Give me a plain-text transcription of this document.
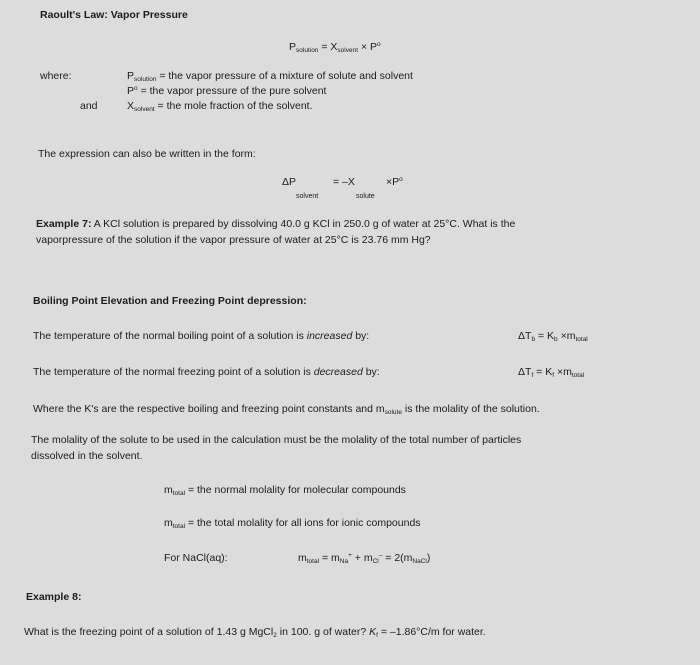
Raoult's Law: Vapor Pressure
$P_{solution} = X_{solvent} \times P^o$
where:	$P_{solution}$ = the vapor pressure of a mixture of solute and solvent
$P^o$ = the vapor pressure of the pure solvent
and	$X_{solvent}$ = the mole fraction of the solvent.
The expression can also be written in the form:
ΔP	= –X	$\times P^o$
solvent	solute
Example 7: A KCl solution is prepared by dissolving 40.0 g KCl in 250.0 g of water at 25°C. What is the
vaporpressure of the solution if the vapor pressure of water at 25°C is 23.76 mm Hg?
Boiling Point Elevation and Freezing Point depression:
The temperature of the normal boiling point of a solution is increased by:	$\Delta T_b = K_b \times m_{total}$
The temperature of the normal freezing point of a solution is decreased by:	$\Delta T_f = K_f \times m_{total}$
Where the K's are the respective boiling and freezing point constants and $m_{solute}$ is the molality of the solution.
The molality of the solute to be used in the calculation must be the molality of the total number of particles
dissolved in the solvent.
$m_{total}$ = the normal molality for molecular compounds
$m_{total}$ = the total molality for all ions for ionic compounds
For NaCl(aq):	$m_{total} = m_{Na}^+ + m_{Cl}^- = 2(m_{NaCl})$
Example 8:
What is the freezing point of a solution of 1.43 g MgCl$_2$ in 100. g of water? $K_f = -1.86^\circ C/m$ for water.
